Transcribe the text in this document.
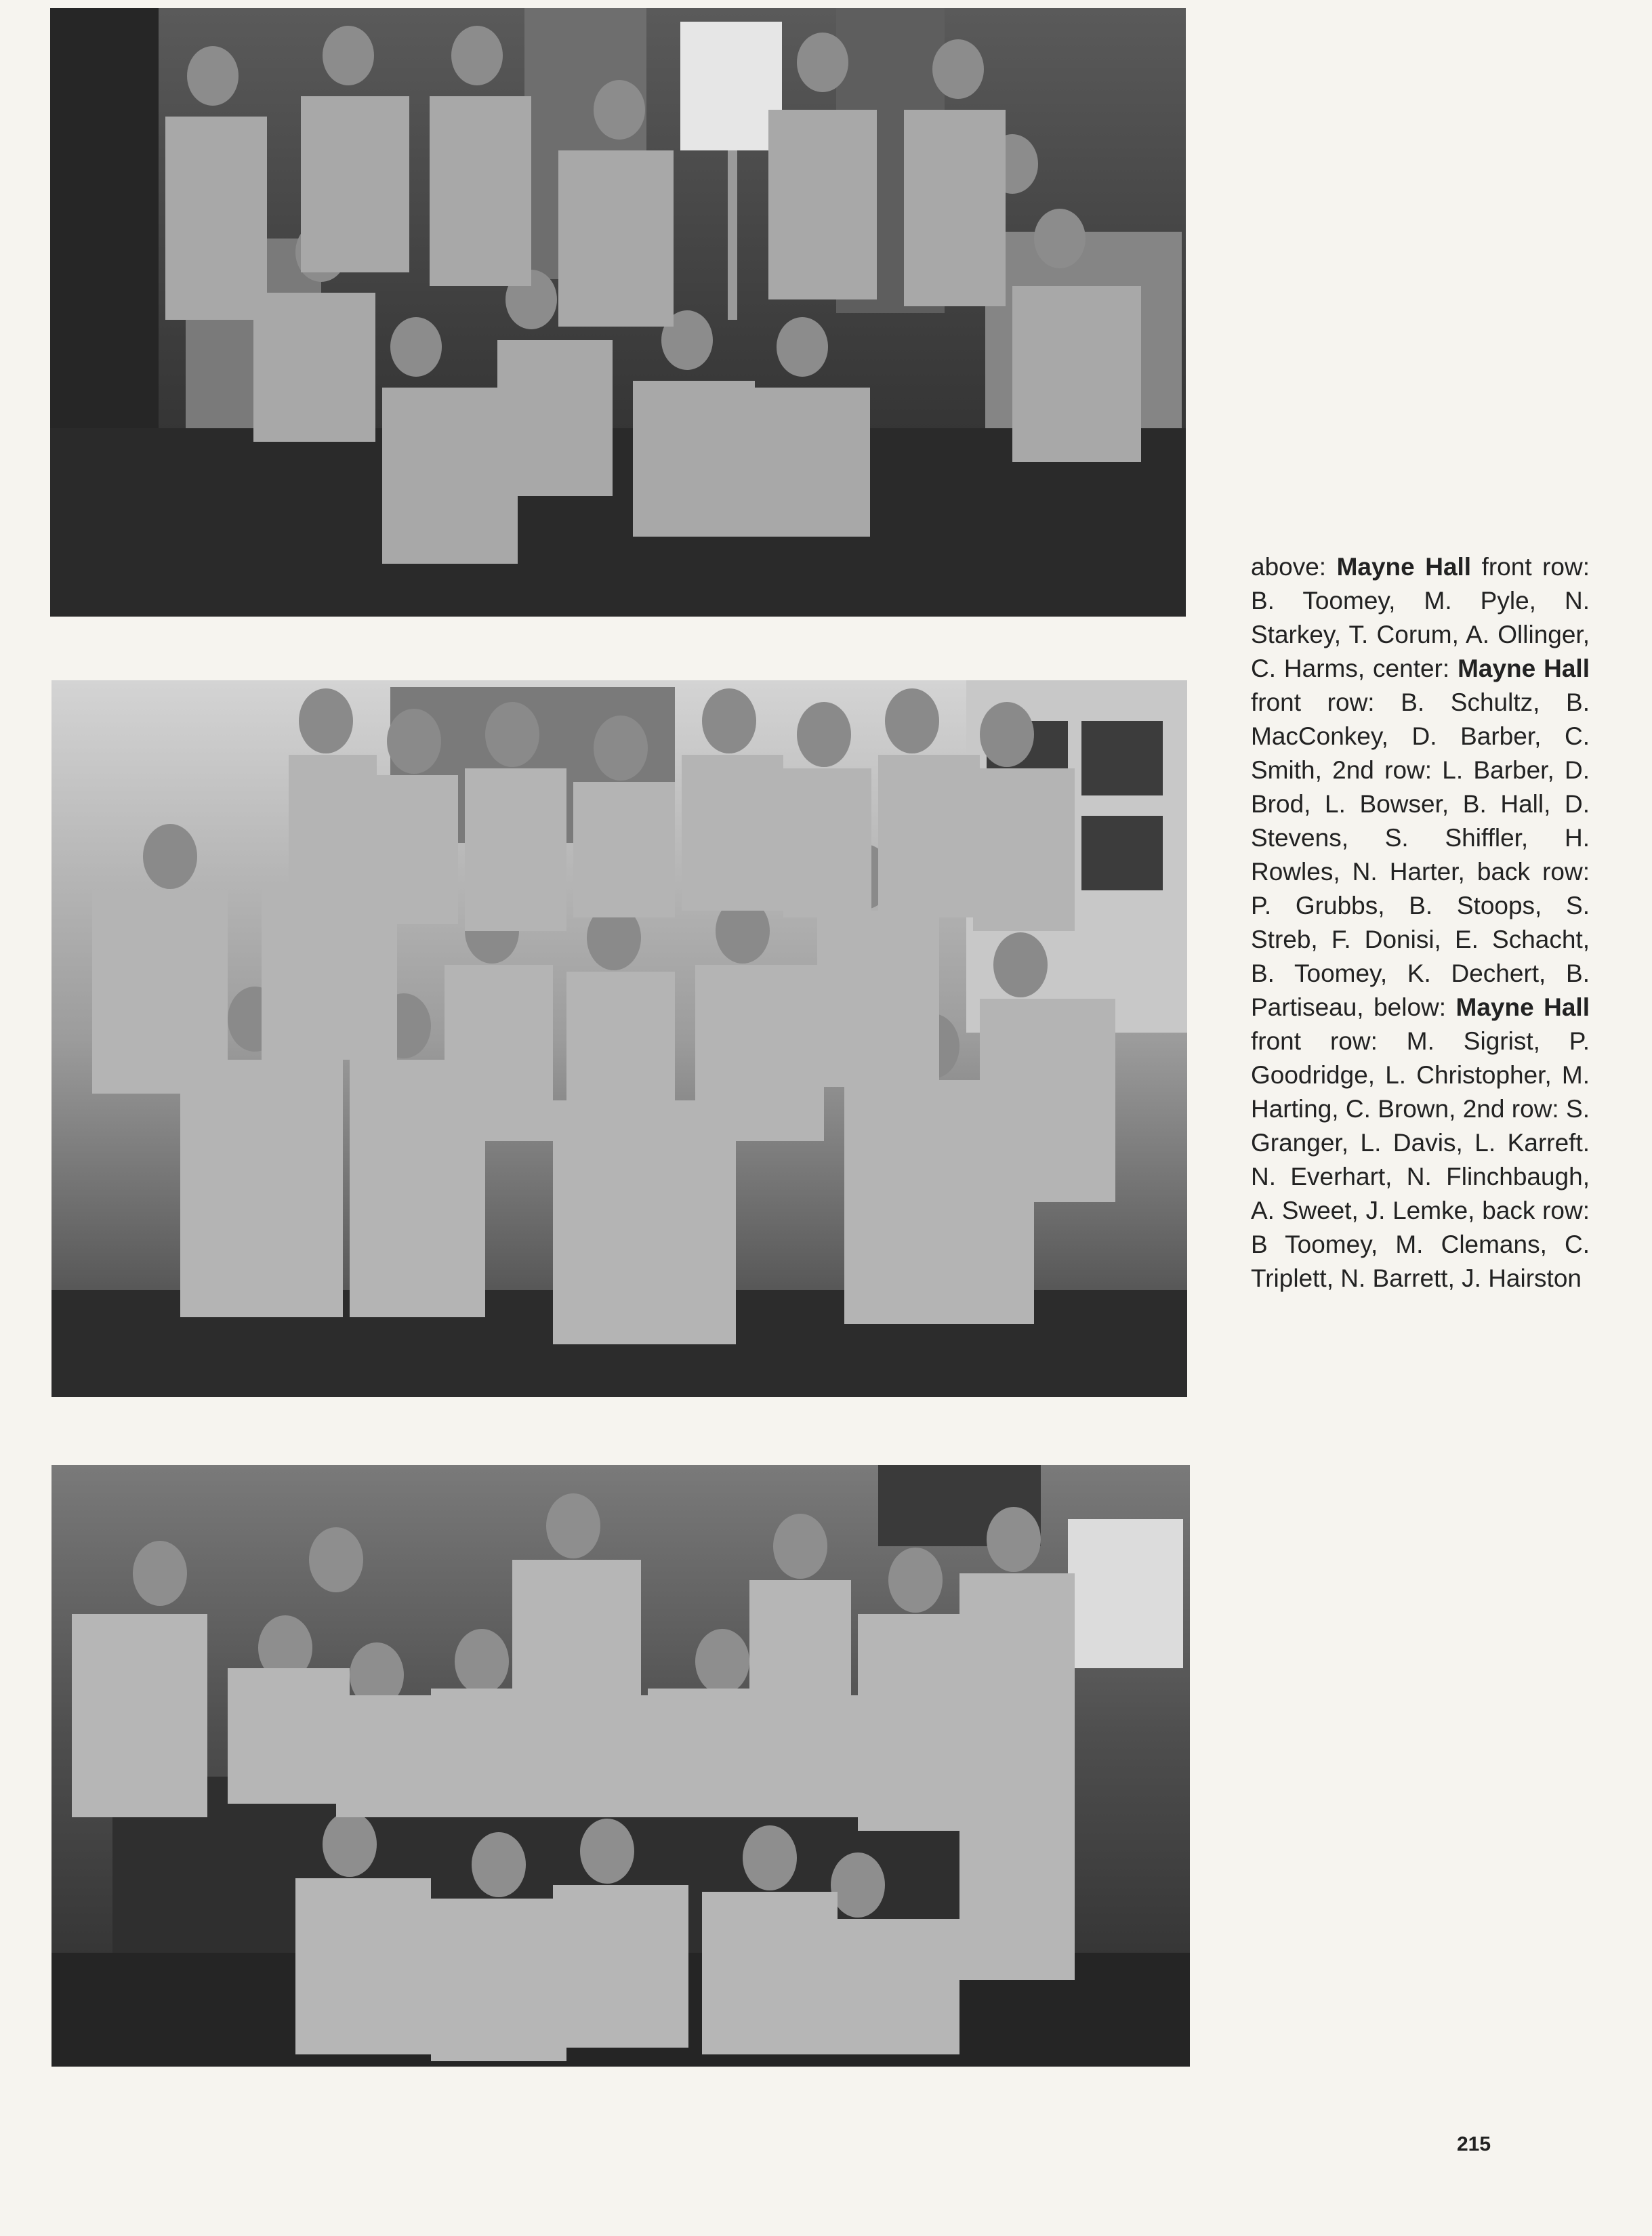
above: Mayne Hall front row: B. Toomey, M. Pyle, N. Starkey, T. Corum, A. Ollinger, C. Harms, center: Mayne Hall front row: B. Schultz, B. MacConkey, D. Barber, C. Smith, 2nd row: L. Barber, D. Brod, L. Bowser, B. Hall, D. Stevens, S. Shiffler, H. Rowles, N. Harter, back row: P. Grubbs, B. Stoops, S. Streb, F. Donisi, E. Schacht, B. Toomey, K. Dechert, B. Partiseau, below: Mayne Hall front row: M. Sigrist, P. Goodridge, L. Christopher, M. Harting, C. Brown, 2nd row: S. Granger, L. Davis, L. Karreft. N. Everhart, N. Flinchbaugh, A. Sweet, J. Lemke, back row: B Toomey, M. Clemans, C. Triplett, N. Barrett, J. Hairston
215
